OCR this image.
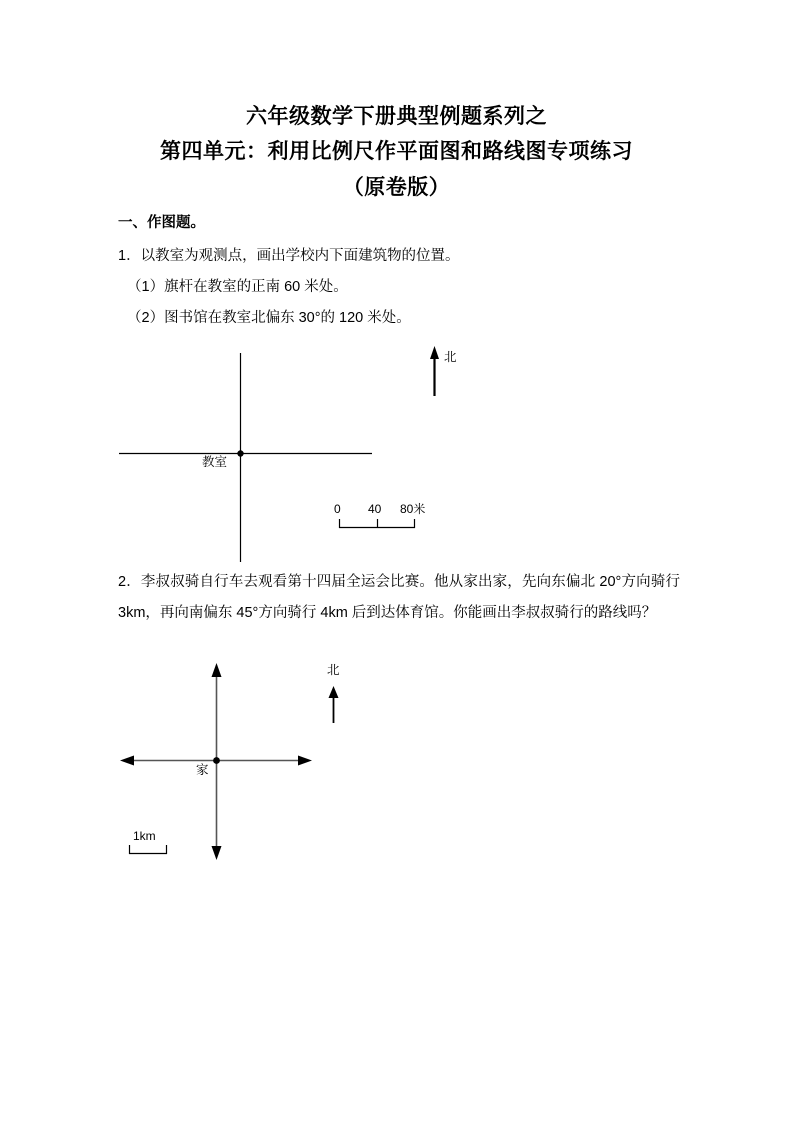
六年级数学下册典型例题系列之
第四单元：利用比例尺作平面图和路线图专项练习
（原卷版）
一、作图题。
1．以教室为观测点，画出学校内下面建筑物的位置。
（1）旗杆在教室的正南 60 米处。
（2）图书馆在教室北偏东 30°的 120 米处。
教室
北
0 40 80米
2．李叔叔骑自行车去观看第十四届全运会比赛。他从家出家，先向东偏北 20°方向骑行 3km，再向南偏东 45°方向骑行 4km 后到达体育馆。你能画出李叔叔骑行的路线吗？
家
北
1km
